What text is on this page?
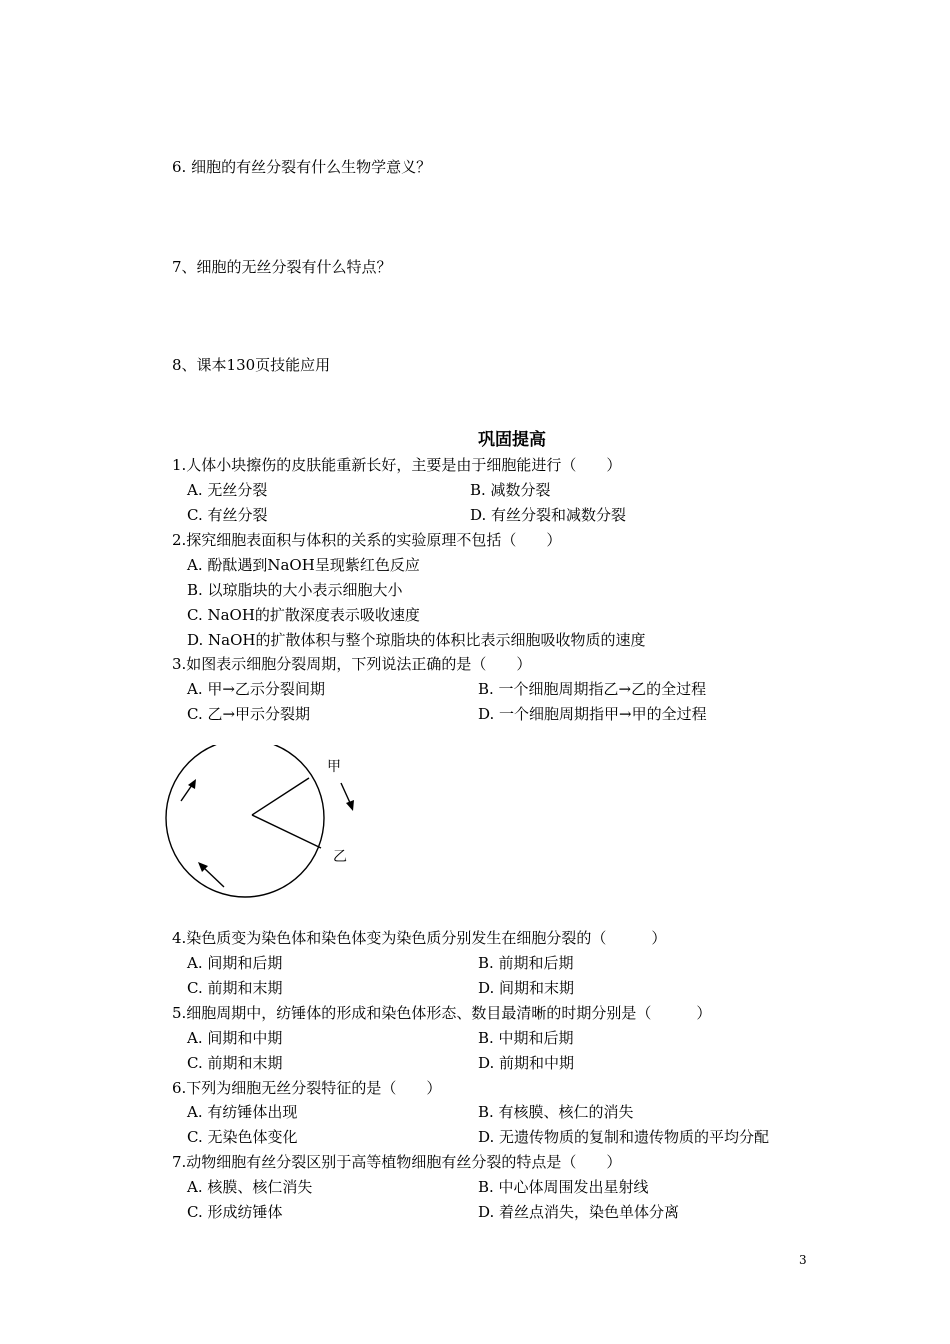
6. 细胞的有丝分裂有什么生物学意义？
7、细胞的无丝分裂有什么特点？
8、课本130页技能应用
巩固提高
1.人体小块擦伤的皮肤能重新长好，主要是由于细胞能进行（　　）
A. 无丝分裂	B. 减数分裂
C. 有丝分裂	D. 有丝分裂和减数分裂
2.探究细胞表面积与体积的关系的实验原理不包括（　　）
A. 酚酞遇到NaOH呈现紫红色反应
B. 以琼脂块的大小表示细胞大小
C. NaOH的扩散深度表示吸收速度
D. NaOH的扩散体积与整个琼脂块的体积比表示细胞吸收物质的速度
3.如图表示细胞分裂周期，下列说法正确的是（　　）
A. 甲→乙示分裂间期	B. 一个细胞周期指乙→乙的全过程
C. 乙→甲示分裂期	D. 一个细胞周期指甲→甲的全过程
甲
乙
4.染色质变为染色体和染色体变为染色质分别发生在细胞分裂的（　　　）
A. 间期和后期	B. 前期和后期
C. 前期和末期	D. 间期和末期
5.细胞周期中，纺锤体的形成和染色体形态、数目最清晰的时期分别是（　　　）
A. 间期和中期	B. 中期和后期
C. 前期和末期	D. 前期和中期
6.下列为细胞无丝分裂特征的是（　　）
A. 有纺锤体出现	B. 有核膜、核仁的消失
C. 无染色体变化	D. 无遗传物质的复制和遗传物质的平均分配
7.动物细胞有丝分裂区别于高等植物细胞有丝分裂的特点是（　　）
A. 核膜、核仁消失	B. 中心体周围发出星射线
C. 形成纺锤体	D. 着丝点消失，染色单体分离
3
